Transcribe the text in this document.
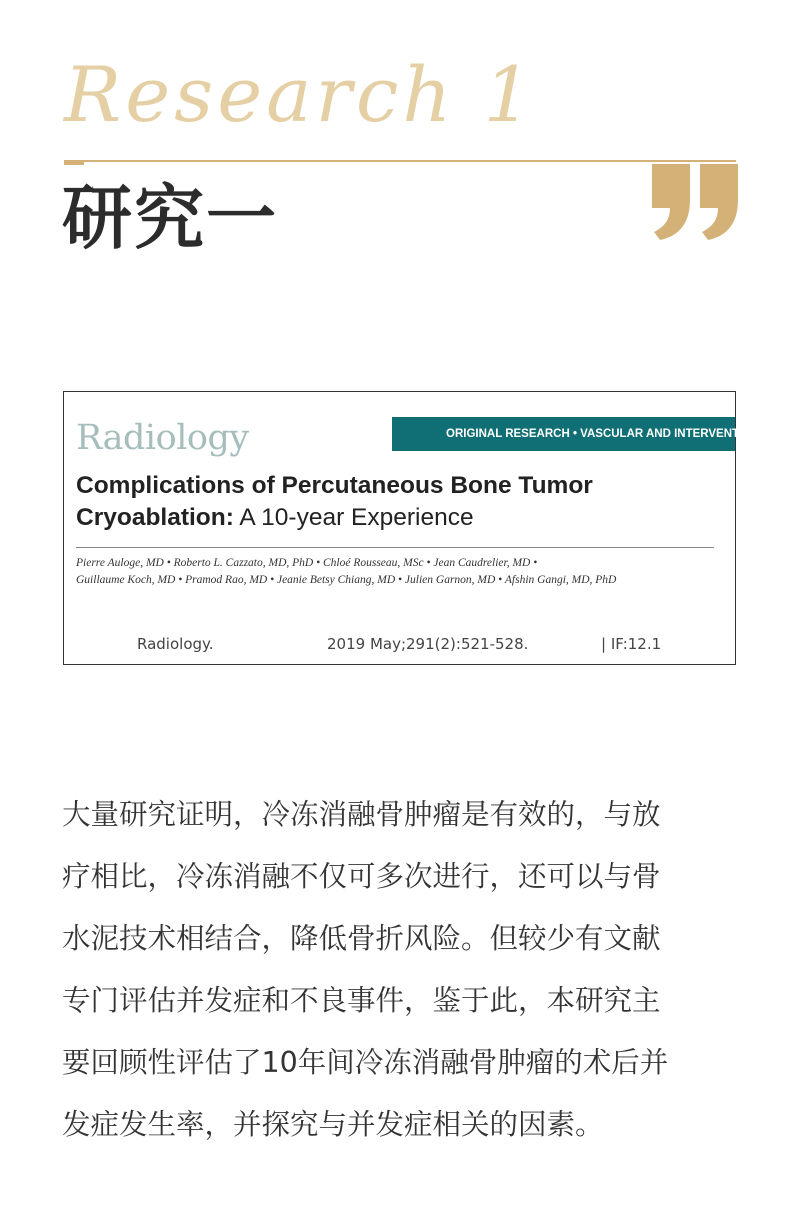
Research 1
研究一
Radiology	ORIGINAL RESEARCH • VASCULAR AND INTERVENTIONAL I
Complications of Percutaneous Bone Tumor Cryoablation: A 10-year Experience
Pierre Auloge, MD • Roberto L. Cazzato, MD, PhD • Chloé Rousseau, MSc • Jean Caudrelier, MD •
Guillaume Koch, MD • Pramod Rao, MD • Jeanie Betsy Chiang, MD • Julien Garnon, MD • Afshin Gangi, MD, PhD
Radiology.	2019 May;291(2):521-528.	| IF:12.1
大量研究证明，冷冻消融骨肿瘤是有效的，与放
疗相比，冷冻消融不仅可多次进行，还可以与骨
水泥技术相结合，降低骨折风险。但较少有文献
专门评估并发症和不良事件，鉴于此，本研究主
要回顾性评估了10年间冷冻消融骨肿瘤的术后并
发症发生率，并探究与并发症相关的因素。
